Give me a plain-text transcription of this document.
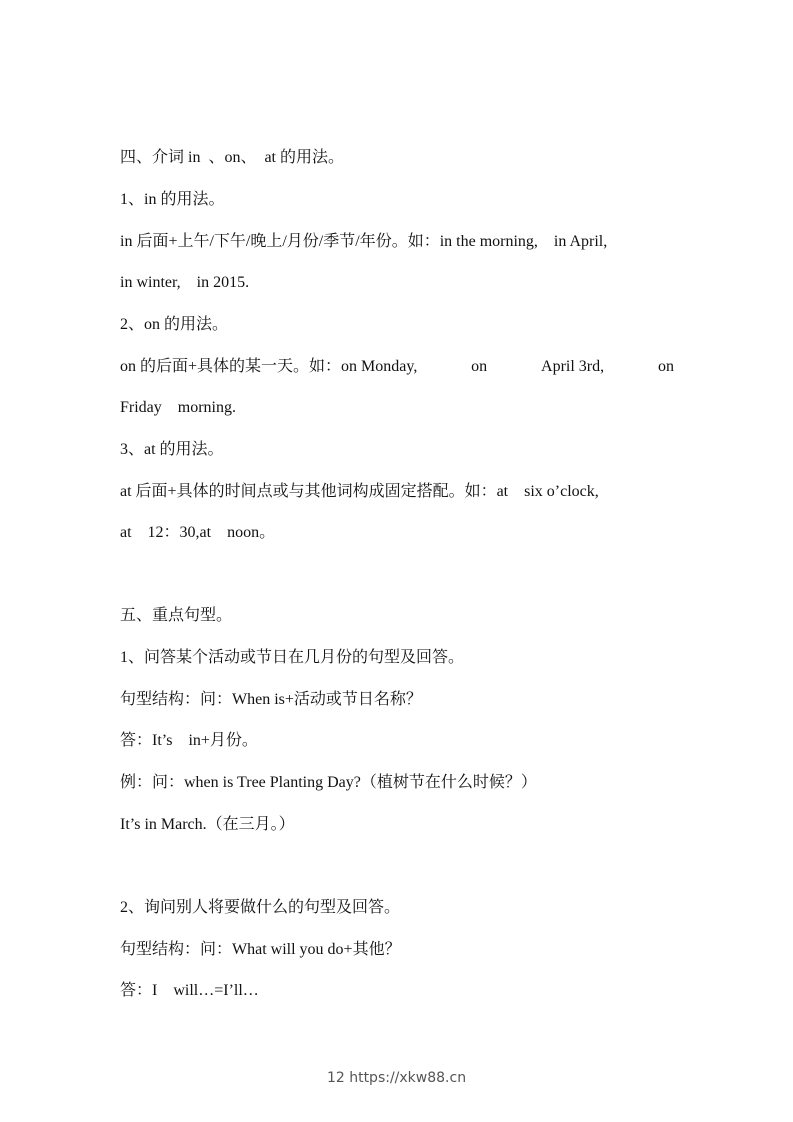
四、介词 in  、on、  at 的用法。
1、in 的用法。
in 后面+上午/下午/晚上/月份/季节/年份。如：in the morning,    in April,
in winter,    in 2015.
2、on 的用法。
on 的后面+具体的某一天。如：on Monday,	on	April 3rd,	on
Friday    morning.
3、at 的用法。
at 后面+具体的时间点或与其他词构成固定搭配。如：at    six o’clock,
at    12：30,at    noon。
五、重点句型。
1、问答某个活动或节日在几月份的句型及回答。
句型结构：问：When is+活动或节日名称？
答：It’s    in+月份。
例：问：when is Tree Planting Day?（植树节在什么时候？）
It’s in March.（在三月。）
2、询问别人将要做什么的句型及回答。
句型结构：问：What will you do+其他？
答：I    will…=I’ll…
12 https://xkw88.cn
